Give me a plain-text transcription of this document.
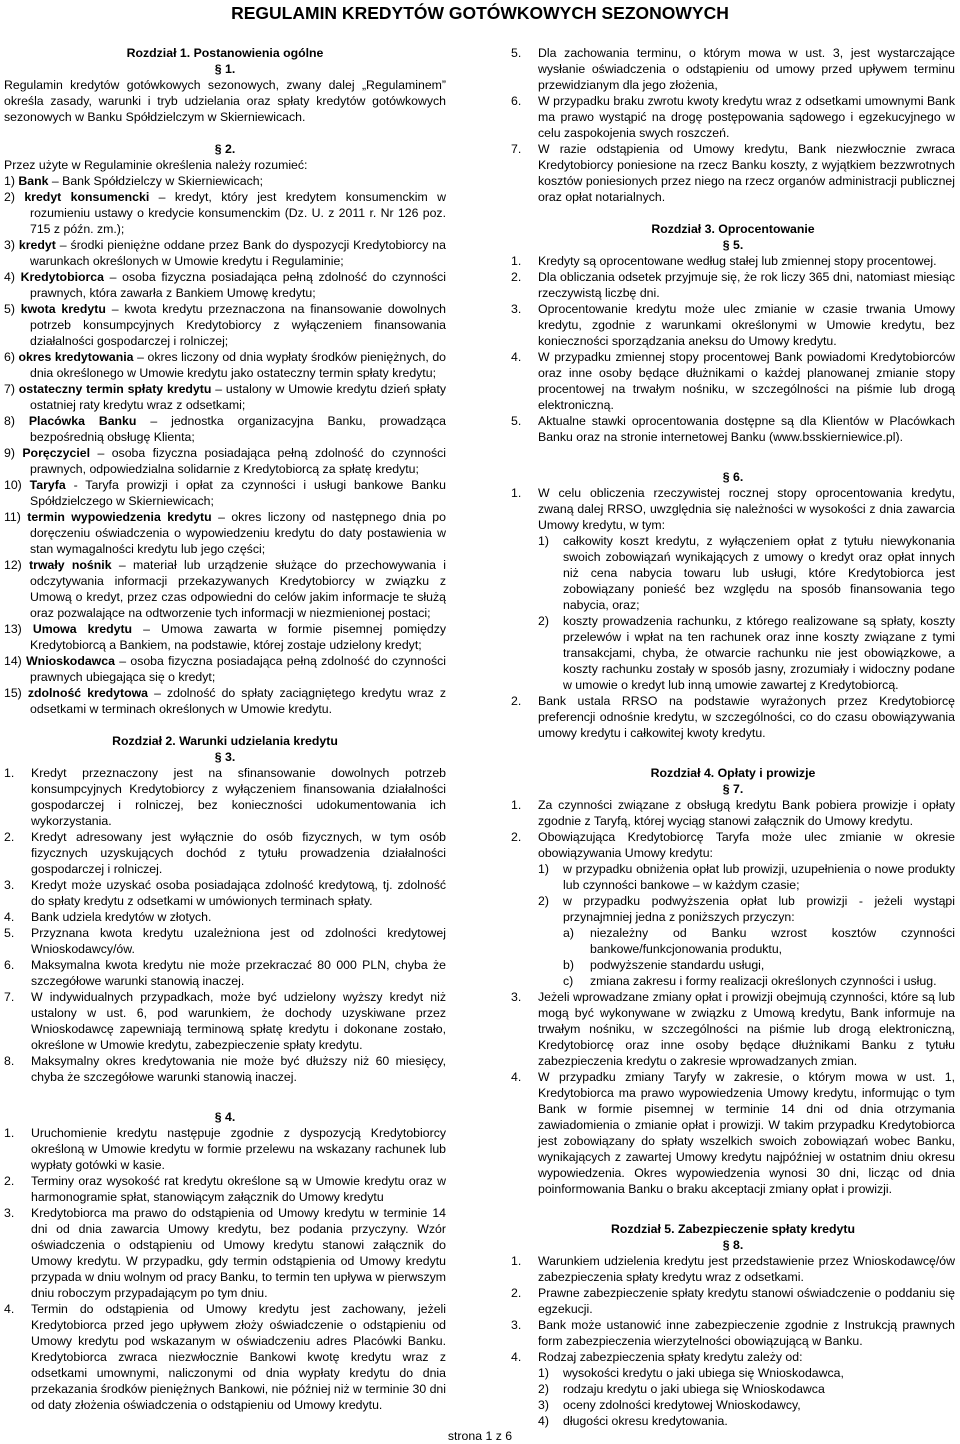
REGULAMIN KREDYTÓW GOTÓWKOWYCH SEZONOWYCH
Rozdział 1. Postanowienia ogólne
§ 1.
Regulamin kredytów gotówkowych sezonowych, zwany dalej „Regulaminem” określa zasady, warunki i tryb udzielania oraz spłaty kredytów gotówkowych sezonowych w Banku Spółdzielczym w Skierniewicach.
§ 2.
Przez użyte w Regulaminie określenia należy rozumieć:
1) Bank – Bank Spółdzielczy w Skierniewicach;
2) kredyt konsumencki – kredyt, który jest kredytem konsumenckim w rozumieniu ustawy o kredycie konsumenckim (Dz. U. z 2011 r. Nr 126 poz. 715 z późn. zm.);
3) kredyt – środki pieniężne oddane przez Bank do dyspozycji Kredytobiorcy na warunkach określonych w Umowie kredytu i Regulaminie;
4) Kredytobiorca – osoba fizyczna posiadająca pełną zdolność do czynności prawnych, która zawarła z Bankiem Umowę kredytu;
5) kwota kredytu – kwota kredytu przeznaczona na finansowanie dowolnych potrzeb konsumpcyjnych Kredytobiorcy z wyłączeniem finansowania działalności gospodarczej i rolniczej;
6) okres kredytowania – okres liczony od dnia wypłaty środków pieniężnych, do dnia określonego w Umowie kredytu jako ostateczny termin spłaty kredytu;
7) ostateczny termin spłaty kredytu – ustalony w Umowie kredytu dzień spłaty ostatniej raty kredytu wraz z odsetkami;
8) Placówka Banku – jednostka organizacyjna Banku, prowadząca bezpośrednią obsługę Klienta;
9) Poręczyciel – osoba fizyczna posiadająca pełną zdolność do czynności prawnych, odpowiedzialna solidarnie z Kredytobiorcą za spłatę kredytu;
10) Taryfa - Taryfa prowizji i opłat za czynności i usługi bankowe Banku Spółdzielczego w Skierniewicach;
11) termin wypowiedzenia kredytu – okres liczony od następnego dnia po doręczeniu oświadczenia o wypowiedzeniu kredytu do daty postawienia w stan wymagalności kredytu lub jego części;
12) trwały nośnik – materiał lub urządzenie służące do przechowywania i odczytywania informacji przekazywanych Kredytobiorcy w związku z Umową o kredyt, przez czas odpowiedni do celów jakim informacje te służą oraz pozwalające na odtworzenie tych informacji w niezmienionej postaci;
13) Umowa kredytu – Umowa zawarta w formie pisemnej pomiędzy Kredytobiorcą a Bankiem, na podstawie, której zostaje udzielony kredyt;
14) Wnioskodawca – osoba fizyczna posiadająca pełną zdolność do czynności prawnych ubiegająca się o kredyt;
15) zdolność kredytowa – zdolność do spłaty zaciągniętego kredytu wraz z odsetkami w terminach określonych w Umowie kredytu.
Rozdział 2. Warunki udzielania kredytu
§ 3.
1. Kredyt przeznaczony jest na sfinansowanie dowolnych potrzeb konsumpcyjnych Kredytobiorcy z wyłączeniem finansowania działalności gospodarczej i rolniczej, bez konieczności udokumentowania ich wykorzystania.
2. Kredyt adresowany jest wyłącznie do osób fizycznych, w tym osób fizycznych uzyskujących dochód z tytułu prowadzenia działalności gospodarczej i rolniczej.
3. Kredyt może uzyskać osoba posiadająca zdolność kredytową, tj. zdolność do spłaty kredytu z odsetkami w umówionych terminach spłaty.
4. Bank udziela kredytów w złotych.
5. Przyznana kwota kredytu uzależniona jest od zdolności kredytowej Wnioskodawcy/ów.
6. Maksymalna kwota kredytu nie może przekraczać 80 000 PLN, chyba że szczegółowe warunki stanowią inaczej.
7. W indywidualnych przypadkach, może być udzielony wyższy kredyt niż ustalony w ust. 6, pod warunkiem, że dochody uzyskiwane przez Wnioskodawcę zapewniają terminową spłatę kredytu i dokonane zostało, określone w Umowie kredytu, zabezpieczenie spłaty kredytu.
8. Maksymalny okres kredytowania nie może być dłuższy niż 60 miesięcy, chyba że szczegółowe warunki stanowią inaczej.
§ 4.
1. Uruchomienie kredytu następuje zgodnie z dyspozycją Kredytobiorcy określoną w Umowie kredytu w formie przelewu na wskazany rachunek lub wypłaty gotówki w kasie.
2. Terminy oraz wysokość rat kredytu określone są w Umowie kredytu oraz w harmonogramie spłat, stanowiącym załącznik do Umowy kredytu
3. Kredytobiorca ma prawo do odstąpienia od Umowy kredytu w terminie 14 dni od dnia zawarcia Umowy kredytu, bez podania przyczyny. Wzór oświadczenia o odstąpieniu od Umowy kredytu stanowi załącznik do Umowy kredytu. W przypadku, gdy termin odstąpienia od Umowy kredytu przypada w dniu wolnym od pracy Banku, to termin ten upływa w pierwszym dniu roboczym przypadającym po tym dniu.
4. Termin do odstąpienia od Umowy kredytu jest zachowany, jeżeli Kredytobiorca przed jego upływem złoży oświadczenie o odstąpieniu od Umowy kredytu pod wskazanym w oświadczeniu adres Placówki Banku. Kredytobiorca zwraca niezwłocznie Bankowi kwotę kredytu wraz z odsetkami umownymi, naliczonymi od dnia wypłaty kredytu do dnia przekazania środków pieniężnych Bankowi, nie później niż w terminie 30 dni od daty złożenia oświadczenia o odstąpieniu od Umowy kredytu.
5. Dla zachowania terminu, o którym mowa w ust. 3, jest wystarczające wysłanie oświadczenia o odstąpieniu od umowy przed upływem terminu przewidzianym dla jego złożenia,
6. W przypadku braku zwrotu kwoty kredytu wraz z odsetkami umownymi Bank ma prawo wystąpić na drogę postępowania sądowego i egzekucyjnego w celu zaspokojenia swych roszczeń.
7. W razie odstąpienia od Umowy kredytu, Bank niezwłocznie zwraca Kredytobiorcy poniesione na rzecz Banku koszty, z wyjątkiem bezzwrotnych kosztów poniesionych przez niego na rzecz organów administracji publicznej oraz opłat notarialnych.
Rozdział 3. Oprocentowanie
§ 5.
1. Kredyty są oprocentowane według stałej lub zmiennej stopy procentowej.
2. Dla obliczania odsetek przyjmuje się, że rok liczy 365 dni, natomiast miesiąc rzeczywistą liczbę dni.
3. Oprocentowanie kredytu może ulec zmianie w czasie trwania Umowy kredytu, zgodnie z warunkami określonymi w Umowie kredytu, bez konieczności sporządzania aneksu do Umowy kredytu.
4. W przypadku zmiennej stopy procentowej Bank powiadomi Kredytobiorców oraz inne osoby będące dłużnikami o każdej planowanej zmianie stopy procentowej na trwałym nośniku, w szczególności na piśmie lub drogą elektroniczną.
5. Aktualne stawki oprocentowania dostępne są dla Klientów w Placówkach Banku oraz na stronie internetowej Banku (www.bsskierniewice.pl).
§ 6.
1. W celu obliczenia rzeczywistej rocznej stopy oprocentowania kredytu, zwaną dalej RRSO, uwzględnia się należności w wysokości z dnia zawarcia Umowy kredytu, w tym:
1) całkowity koszt kredytu, z wyłączeniem opłat z tytułu niewykonania swoich zobowiązań wynikających z umowy o kredyt oraz opłat innych niż cena nabycia towaru lub usługi, które Kredytobiorca jest zobowiązany ponieść bez względu na sposób finansowania tego nabycia, oraz;
2) koszty prowadzenia rachunku, z którego realizowane są spłaty, koszty przelewów i wpłat na ten rachunek oraz inne koszty związane z tymi transakcjami, chyba, że otwarcie rachunku nie jest obowiązkowe, a koszty rachunku zostały w sposób jasny, zrozumiały i widoczny podane w umowie o kredyt lub inną umowie zawartej z Kredytobiorcą.
2. Bank ustala RRSO na podstawie wyrażonych przez Kredytobiorcę preferencji odnośnie kredytu, w szczególności, co do czasu obowiązywania umowy kredytu i całkowitej kwoty kredytu.
Rozdział 4. Opłaty i prowizje
§ 7.
1. Za czynności związane z obsługą kredytu Bank pobiera prowizje i opłaty zgodnie z Taryfą, której wyciąg stanowi załącznik do Umowy kredytu.
2. Obowiązująca Kredytobiorcę Taryfa może ulec zmianie w okresie obowiązywania Umowy kredytu:
1) w przypadku obniżenia opłat lub prowizji, uzupełnienia o nowe produkty lub czynności bankowe – w każdym czasie;
2) w przypadku podwyższenia opłat lub prowizji - jeżeli wystąpi przynajmniej jedna z poniższych przyczyn:
a) niezależny od Banku wzrost kosztów czynności bankowe/funkcjonowania produktu,
b) podwyższenie standardu usługi,
c) zmiana zakresu i formy realizacji określonych czynności i usług.
3. Jeżeli wprowadzane zmiany opłat i prowizji obejmują czynności, które są lub mogą być wykonywane w związku z Umową kredytu, Bank informuje na trwałym nośniku, w szczególności na piśmie lub drogą elektroniczną, Kredytobiorcę oraz inne osoby będące dłużnikami Banku z tytułu zabezpieczenia kredytu o zakresie wprowadzanych zmian.
4. W przypadku zmiany Taryfy w zakresie, o którym mowa w ust. 1, Kredytobiorca ma prawo wypowiedzenia Umowy kredytu, informując o tym Bank w formie pisemnej w terminie 14 dni od dnia otrzymania zawiadomienia o zmianie opłat i prowizji. W takim przypadku Kredytobiorca jest zobowiązany do spłaty wszelkich swoich zobowiązań wobec Banku, wynikających z zawartej Umowy kredytu najpóźniej w ostatnim dniu okresu wypowiedzenia. Okres wypowiedzenia wynosi 30 dni, licząc od dnia poinformowania Banku o braku akceptacji zmiany opłat i prowizji.
Rozdział 5. Zabezpieczenie spłaty kredytu
§ 8.
1. Warunkiem udzielenia kredytu jest przedstawienie przez Wnioskodawcę/ów zabezpieczenia spłaty kredytu wraz z odsetkami.
2. Prawne zabezpieczenie spłaty kredytu stanowi oświadczenie o poddaniu się egzekucji.
3. Bank może ustanowić inne zabezpieczenie zgodnie z Instrukcją prawnych form zabezpieczenia wierzytelności obowiązującą w Banku.
4. Rodzaj zabezpieczenia spłaty kredytu zależy od:
1) wysokości kredytu o jaki ubiega się Wnioskodawca,
2) rodzaju kredytu o jaki ubiega się Wnioskodawca
3) oceny zdolności kredytowej Wnioskodawcy,
4) długości okresu kredytowania.
strona 1 z 6
